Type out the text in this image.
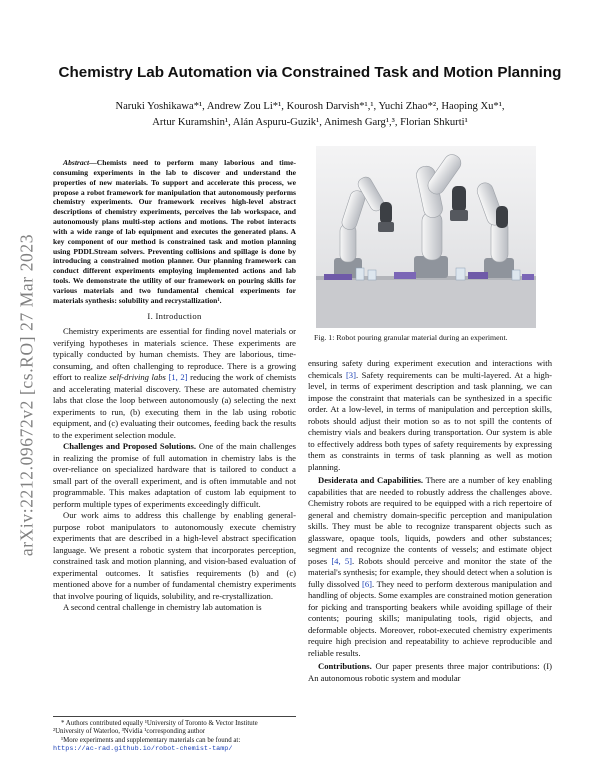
arXiv:2212.09672v2 [cs.RO] 27 Mar 2023
Chemistry Lab Automation via Constrained Task and Motion Planning

Naruki Yoshikawa*¹, Andrew Zou Li*¹, Kourosh Darvish*¹,¹, Yuchi Zhao*², Haoping Xu*¹,

Artur Kuramshin¹, Alán Aspuru-Guzik¹, Animesh Garg¹,³, Florian Shkurti¹

Abstract—Chemists need to perform many laborious and time-consuming experiments in the lab to discover and understand the properties of new materials. To support and accelerate this process, we propose a robot framework for manipulation that autonomously performs chemistry experiments. Our framework receives high-level abstract descriptions of chemistry experiments, perceives the lab workspace, and autonomously plans multi-step actions and motions. The robot interacts with a wide range of lab equipment and executes the generated plans. A key component of our method is constrained task and motion planning using PDDLStream solvers. Preventing collisions and spillage is done by introducing a constrained motion planner. Our planning framework can conduct different experiments employing implemented actions and lab tools. We demonstrate the utility of our framework on pouring skills for various materials and two fundamental chemical experiments for materials synthesis: solubility and recrystallization¹.

I. Introduction

Chemistry experiments are essential for finding novel materials or verifying hypotheses in materials science. These experiments are typically conducted by human chemists. They are laborious, time-consuming, and often challenging to reproduce. There is a growing effort to realize self-driving labs [1, 2] reducing the work of chemists and accelerating material discovery. These are automated chemistry labs that close the loop between autonomously (a) selecting the next experiments to run, (b) executing them in the lab using robotic equipment, and (c) evaluating their outcomes, feeding back the results to the experiment selection module.

Challenges and Proposed Solutions. One of the main challenges in realizing the promise of full automation in chemistry labs is the over-reliance on specialized hardware that is tailored to conduct a small part of the overall experiment, and is often immutable and not programmable. This makes adaptation of custom lab equipment to perform multiple types of experiments exceedingly difficult.

Our work aims to address this challenge by enabling general-purpose robot manipulators to autonomously execute chemistry experiments that are described in a high-level abstract specification language. We present a robotic system that incorporates perception, constrained task and motion planning, and vision-based evaluation of experimental outcomes. It satisfies requirements (b) and (c) mentioned above for a number of fundamental chemistry experiments that involve pouring of liquids, solubility, and re-crystallization.

A second central challenge in chemistry lab automation is

* Authors contributed equally ¹University of Toronto & Vector Institute

²University of Waterloo, ³Nvidia ¹corresponding author

¹More experiments and supplementary materials can be found at:

https://ac-rad.github.io/robot-chemist-tamp/

Fig. 1: Robot pouring granular material during an experiment.

ensuring safety during experiment execution and interactions with chemicals [3]. Safety requirements can be multi-layered. At a high-level, in terms of experiment description and task planning, we can impose the constraint that materials can be synthesized in a specific order. At a low-level, in terms of manipulation and perception skills, robots should adjust their motion so as to not spill the contents of chemistry vials and beakers during transportation. Our system is able to effectively address both types of safety requirements by expressing them as constraints in terms of task planning as well as motion planning.

Desiderata and Capabilities. There are a number of key enabling capabilities that are needed to robustly address the challenges above. Chemistry robots are required to be equipped with a rich repertoire of general and chemistry domain-specific perception and manipulation skills. They must be able to recognize transparent objects such as glassware, opaque tools, liquids, powders and other substances; segment and recognize the contents of vessels; and estimate object poses [4, 5]. Robots should perceive and monitor the state of the material's synthesis; for example, they should detect when a solution is fully dissolved [6]. They need to perform dexterous manipulation and handling of objects. Some examples are constrained motion generation for picking and transporting beakers while avoiding spillage of their contents; pouring skills; manipulating tools, rigid objects, and deformable objects. Moreover, robot-executed chemistry experiments require high precision and repeatability to achieve reproducible and reliable results.

Contributions. Our paper presents three major contributions: (I) An autonomous robotic system and modular
